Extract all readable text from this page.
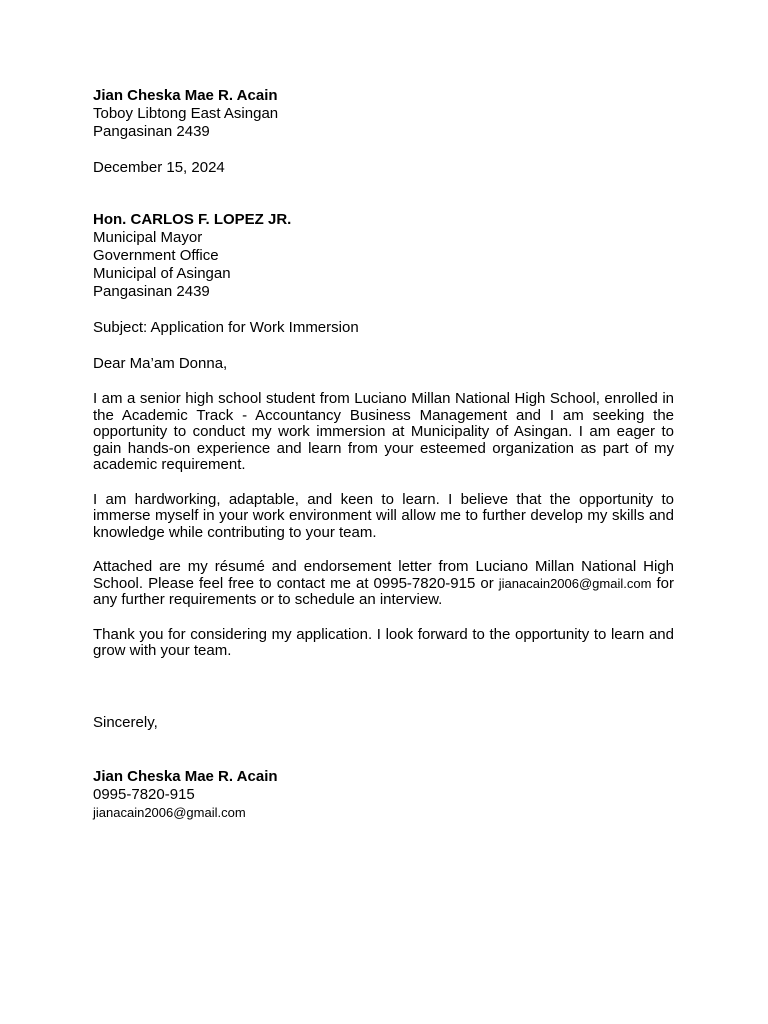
Jian Cheska Mae R. Acain
Toboy Libtong East Asingan
Pangasinan 2439
December 15, 2024
Hon. CARLOS F. LOPEZ JR.
Municipal Mayor
Government Office
Municipal of Asingan
Pangasinan 2439
Subject: Application for Work Immersion
Dear Ma’am Donna,

I am a senior high school student from Luciano Millan National High School, enrolled in the Academic Track - Accountancy Business Management and I am seeking the opportunity to conduct my work immersion at Municipality of Asingan. I am eager to gain hands-on experience and learn from your esteemed organization as part of my academic requirement.

I am hardworking, adaptable, and keen to learn. I believe that the opportunity to immerse myself in your work environment will allow me to further develop my skills and knowledge while contributing to your team.

Attached are my résumé and endorsement letter from Luciano Millan National High School. Please feel free to contact me at 0995-7820-915 or jianacain2006@gmail.com for any further requirements or to schedule an interview.

Thank you for considering my application. I look forward to the opportunity to learn and grow with your team.

Sincerely,
Jian Cheska Mae R. Acain
0995-7820-915
jianacain2006@gmail.com
